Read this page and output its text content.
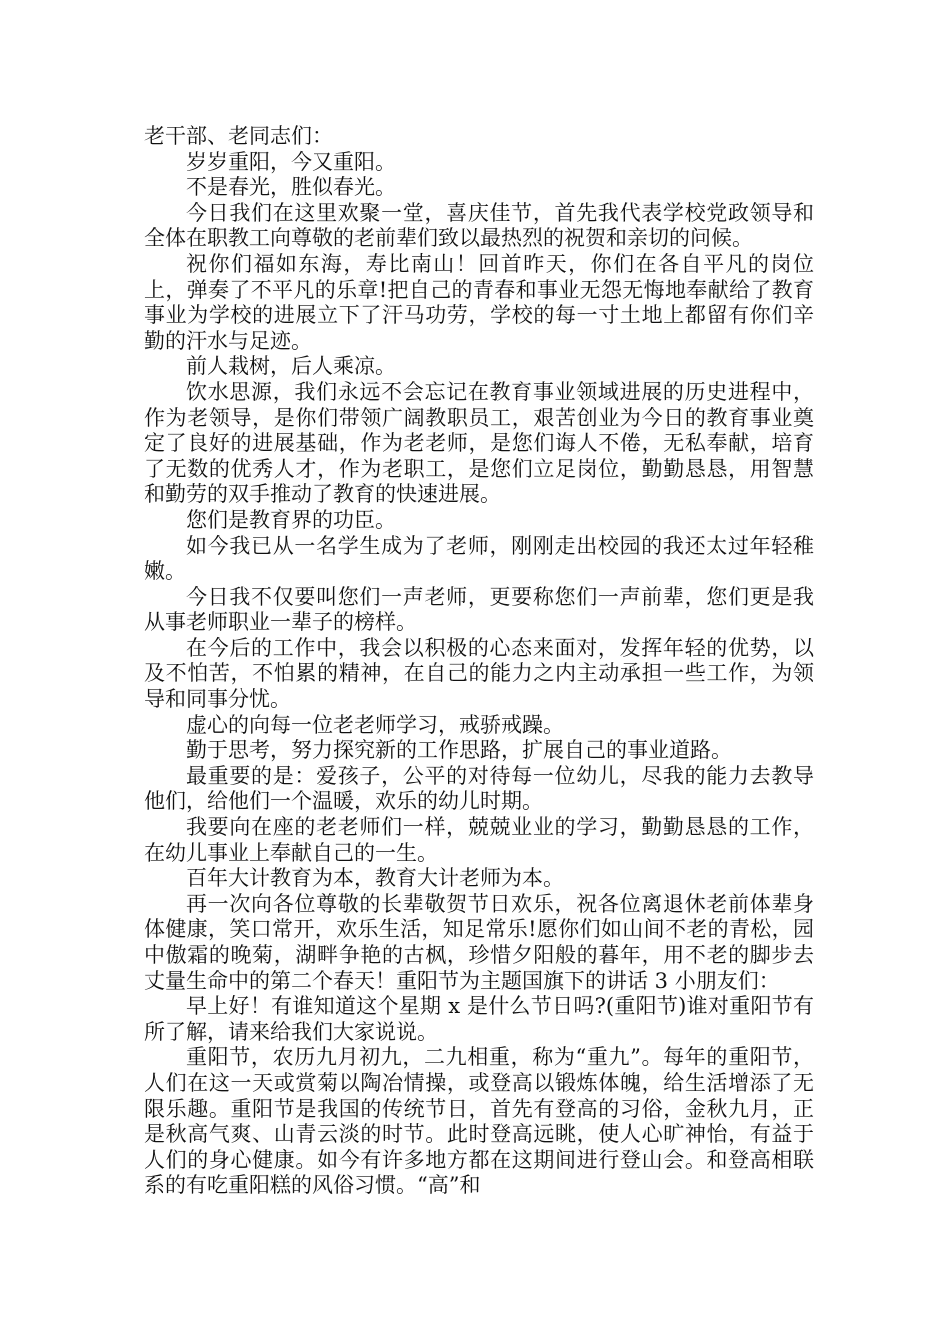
老干部、老同志们：

岁岁重阳，今又重阳。

不是春光，胜似春光。

今日我们在这里欢聚一堂，喜庆佳节，首先我代表学校党政领导和全体在职教工向尊敬的老前辈们致以最热烈的祝贺和亲切的问候。

祝你们福如东海，寿比南山！回首昨天，你们在各自平凡的岗位上，弹奏了不平凡的乐章!把自己的青春和事业无怨无悔地奉献给了教育事业为学校的进展立下了汗马功劳，学校的每一寸土地上都留有你们辛勤的汗水与足迹。

前人栽树，后人乘凉。

饮水思源，我们永远不会忘记在教育事业领域进展的历史进程中，作为老领导，是你们带领广阔教职员工，艰苦创业为今日的教育事业奠定了良好的进展基础，作为老老师，是您们诲人不倦，无私奉献，培育了无数的优秀人才，作为老职工，是您们立足岗位，勤勤恳恳，用智慧和勤劳的双手推动了教育的快速进展。

您们是教育界的功臣。

如今我已从一名学生成为了老师，刚刚走出校园的我还太过年轻稚嫩。

今日我不仅要叫您们一声老师，更要称您们一声前辈，您们更是我从事老师职业一辈子的榜样。

在今后的工作中，我会以积极的心态来面对，发挥年轻的优势，以及不怕苦，不怕累的精神，在自己的能力之内主动承担一些工作，为领导和同事分忧。

虚心的向每一位老老师学习，戒骄戒躁。

勤于思考，努力探究新的工作思路，扩展自己的事业道路。

最重要的是：爱孩子，公平的对待每一位幼儿，尽我的能力去教导他们，给他们一个温暖，欢乐的幼儿时期。

我要向在座的老老师们一样，兢兢业业的学习，勤勤恳恳的工作，在幼儿事业上奉献自己的一生。

百年大计教育为本，教育大计老师为本。

再一次向各位尊敬的长辈敬贺节日欢乐，祝各位离退休老前体辈身体健康，笑口常开，欢乐生活，知足常乐!愿你们如山间不老的青松，园中傲霜的晚菊，湖畔争艳的古枫，珍惜夕阳般的暮年，用不老的脚步去丈量生命中的第二个春天！重阳节为主题国旗下的讲话 3 小朋友们：

早上好！有谁知道这个星期 x 是什么节日吗?(重阳节)谁对重阳节有所了解，请来给我们大家说说。

重阳节，农历九月初九，二九相重，称为“重九”。每年的重阳节，人们在这一天或赏菊以陶冶情操，或登高以锻炼体魄，给生活增添了无限乐趣。重阳节是我国的传统节日，首先有登高的习俗，金秋九月，正是秋高气爽、山青云淡的时节。此时登高远眺，使人心旷神怡，有益于人们的身心健康。如今有许多地方都在这期间进行登山会。和登高相联系的有吃重阳糕的风俗习惯。“高”和
